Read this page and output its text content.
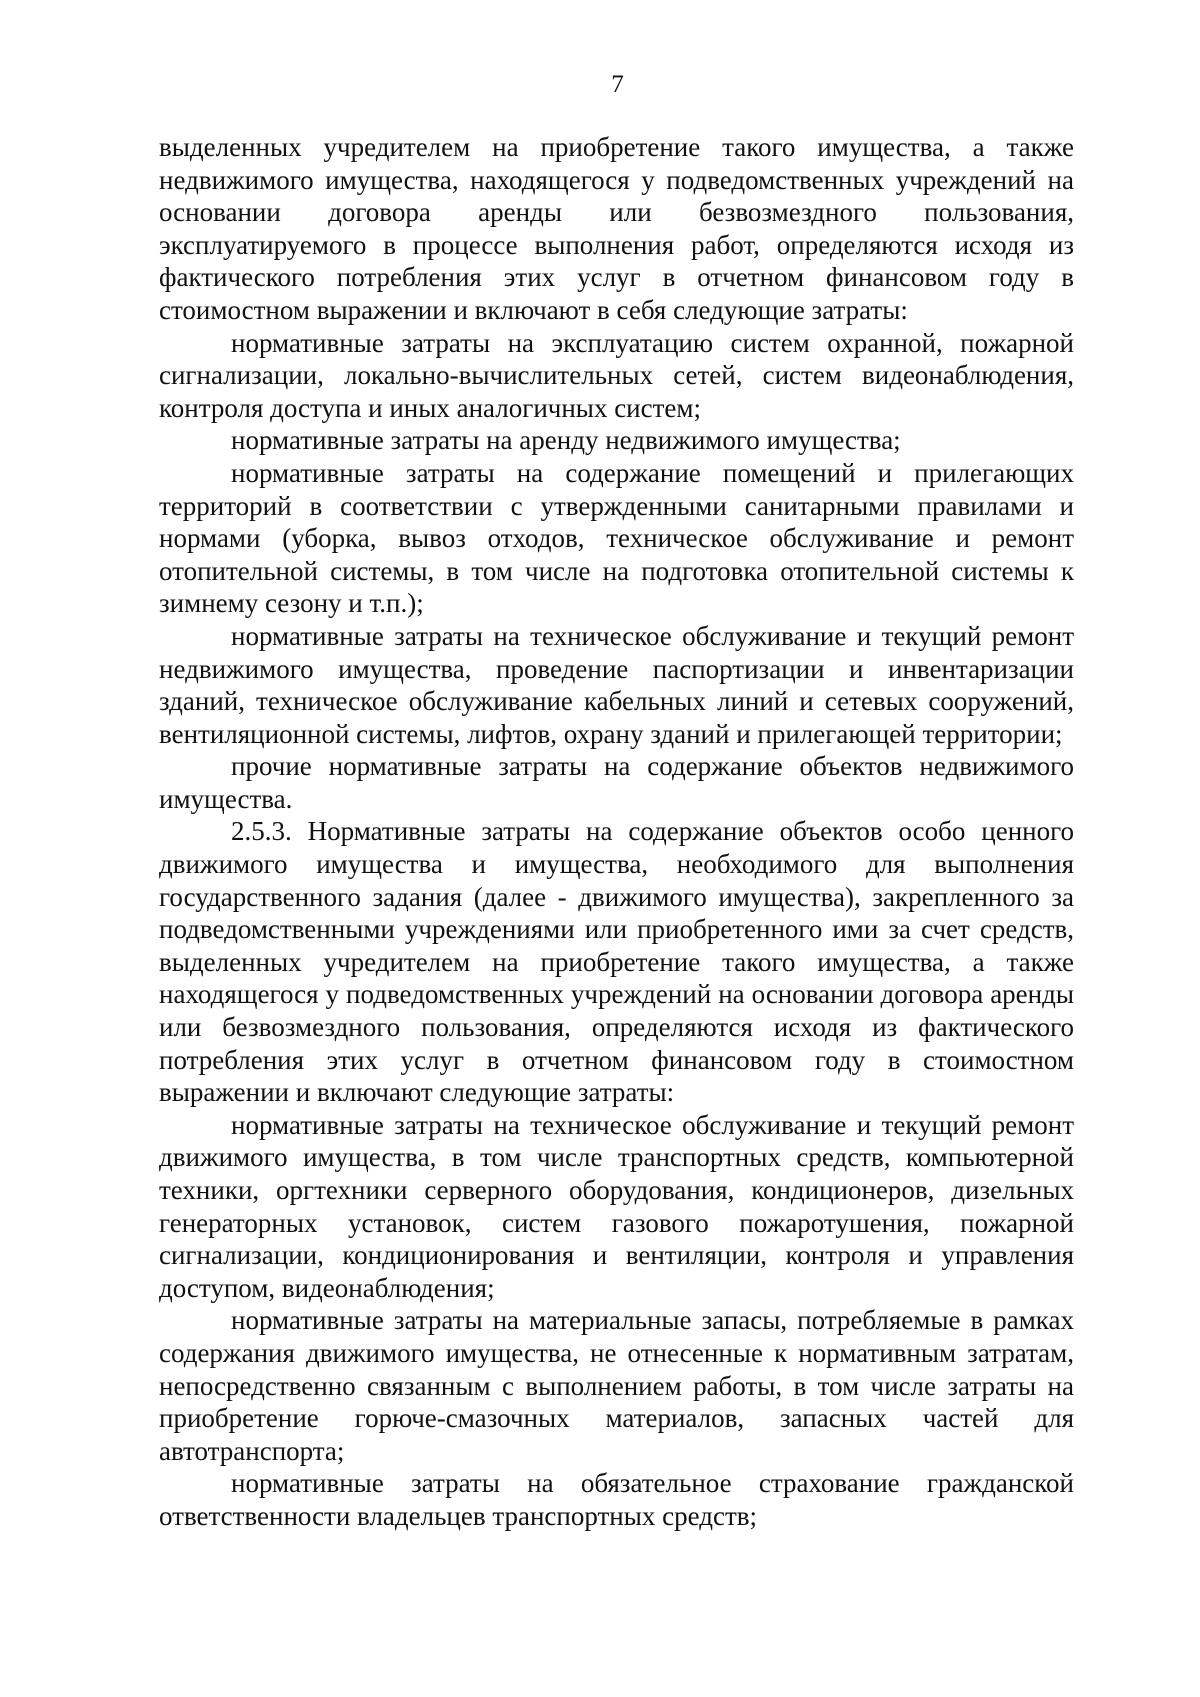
7

выделенных учредителем на приобретение такого имущества, а также недвижимого имущества, находящегося у подведомственных учреждений на основании договора аренды или безвозмездного пользования, эксплуатируемого в процессе выполнения работ, определяются исходя из фактического потребления этих услуг в отчетном финансовом году в стоимостном выражении и включают в себя следующие затраты:

нормативные затраты на эксплуатацию систем охранной, пожарной сигнализации, локально-вычислительных сетей, систем видеонаблюдения, контроля доступа и иных аналогичных систем;

нормативные затраты на аренду недвижимого имущества;

нормативные затраты на содержание помещений и прилегающих территорий в соответствии с утвержденными санитарными правилами и нормами (уборка, вывоз отходов, техническое обслуживание и ремонт отопительной системы, в том числе на подготовка отопительной системы к зимнему сезону и т.п.);

нормативные затраты на техническое обслуживание и текущий ремонт недвижимого имущества, проведение паспортизации и инвентаризации зданий, техническое обслуживание кабельных линий и сетевых сооружений, вентиляционной системы, лифтов, охрану зданий и прилегающей территории;

прочие нормативные затраты на содержание объектов недвижимого имущества.

2.5.3. Нормативные затраты на содержание объектов особо ценного движимого имущества и имущества, необходимого для выполнения государственного задания (далее - движимого имущества), закрепленного за подведомственными учреждениями или приобретенного ими за счет средств, выделенных учредителем на приобретение такого имущества, а также находящегося у подведомственных учреждений на основании договора аренды или безвозмездного пользования, определяются исходя из фактического потребления этих услуг в отчетном финансовом году в стоимостном выражении и включают следующие затраты:

нормативные затраты на техническое обслуживание и текущий ремонт движимого имущества, в том числе транспортных средств, компьютерной техники, оргтехники серверного оборудования, кондиционеров, дизельных генераторных установок, систем газового пожаротушения, пожарной сигнализации, кондиционирования и вентиляции, контроля и управления доступом, видеонаблюдения;

нормативные затраты на материальные запасы, потребляемые в рамках содержания движимого имущества, не отнесенные к нормативным затратам, непосредственно связанным с выполнением работы, в том числе затраты на приобретение горюче-смазочных материалов, запасных частей для автотранспорта;

нормативные затраты на обязательное страхование гражданской ответственности владельцев транспортных средств;
